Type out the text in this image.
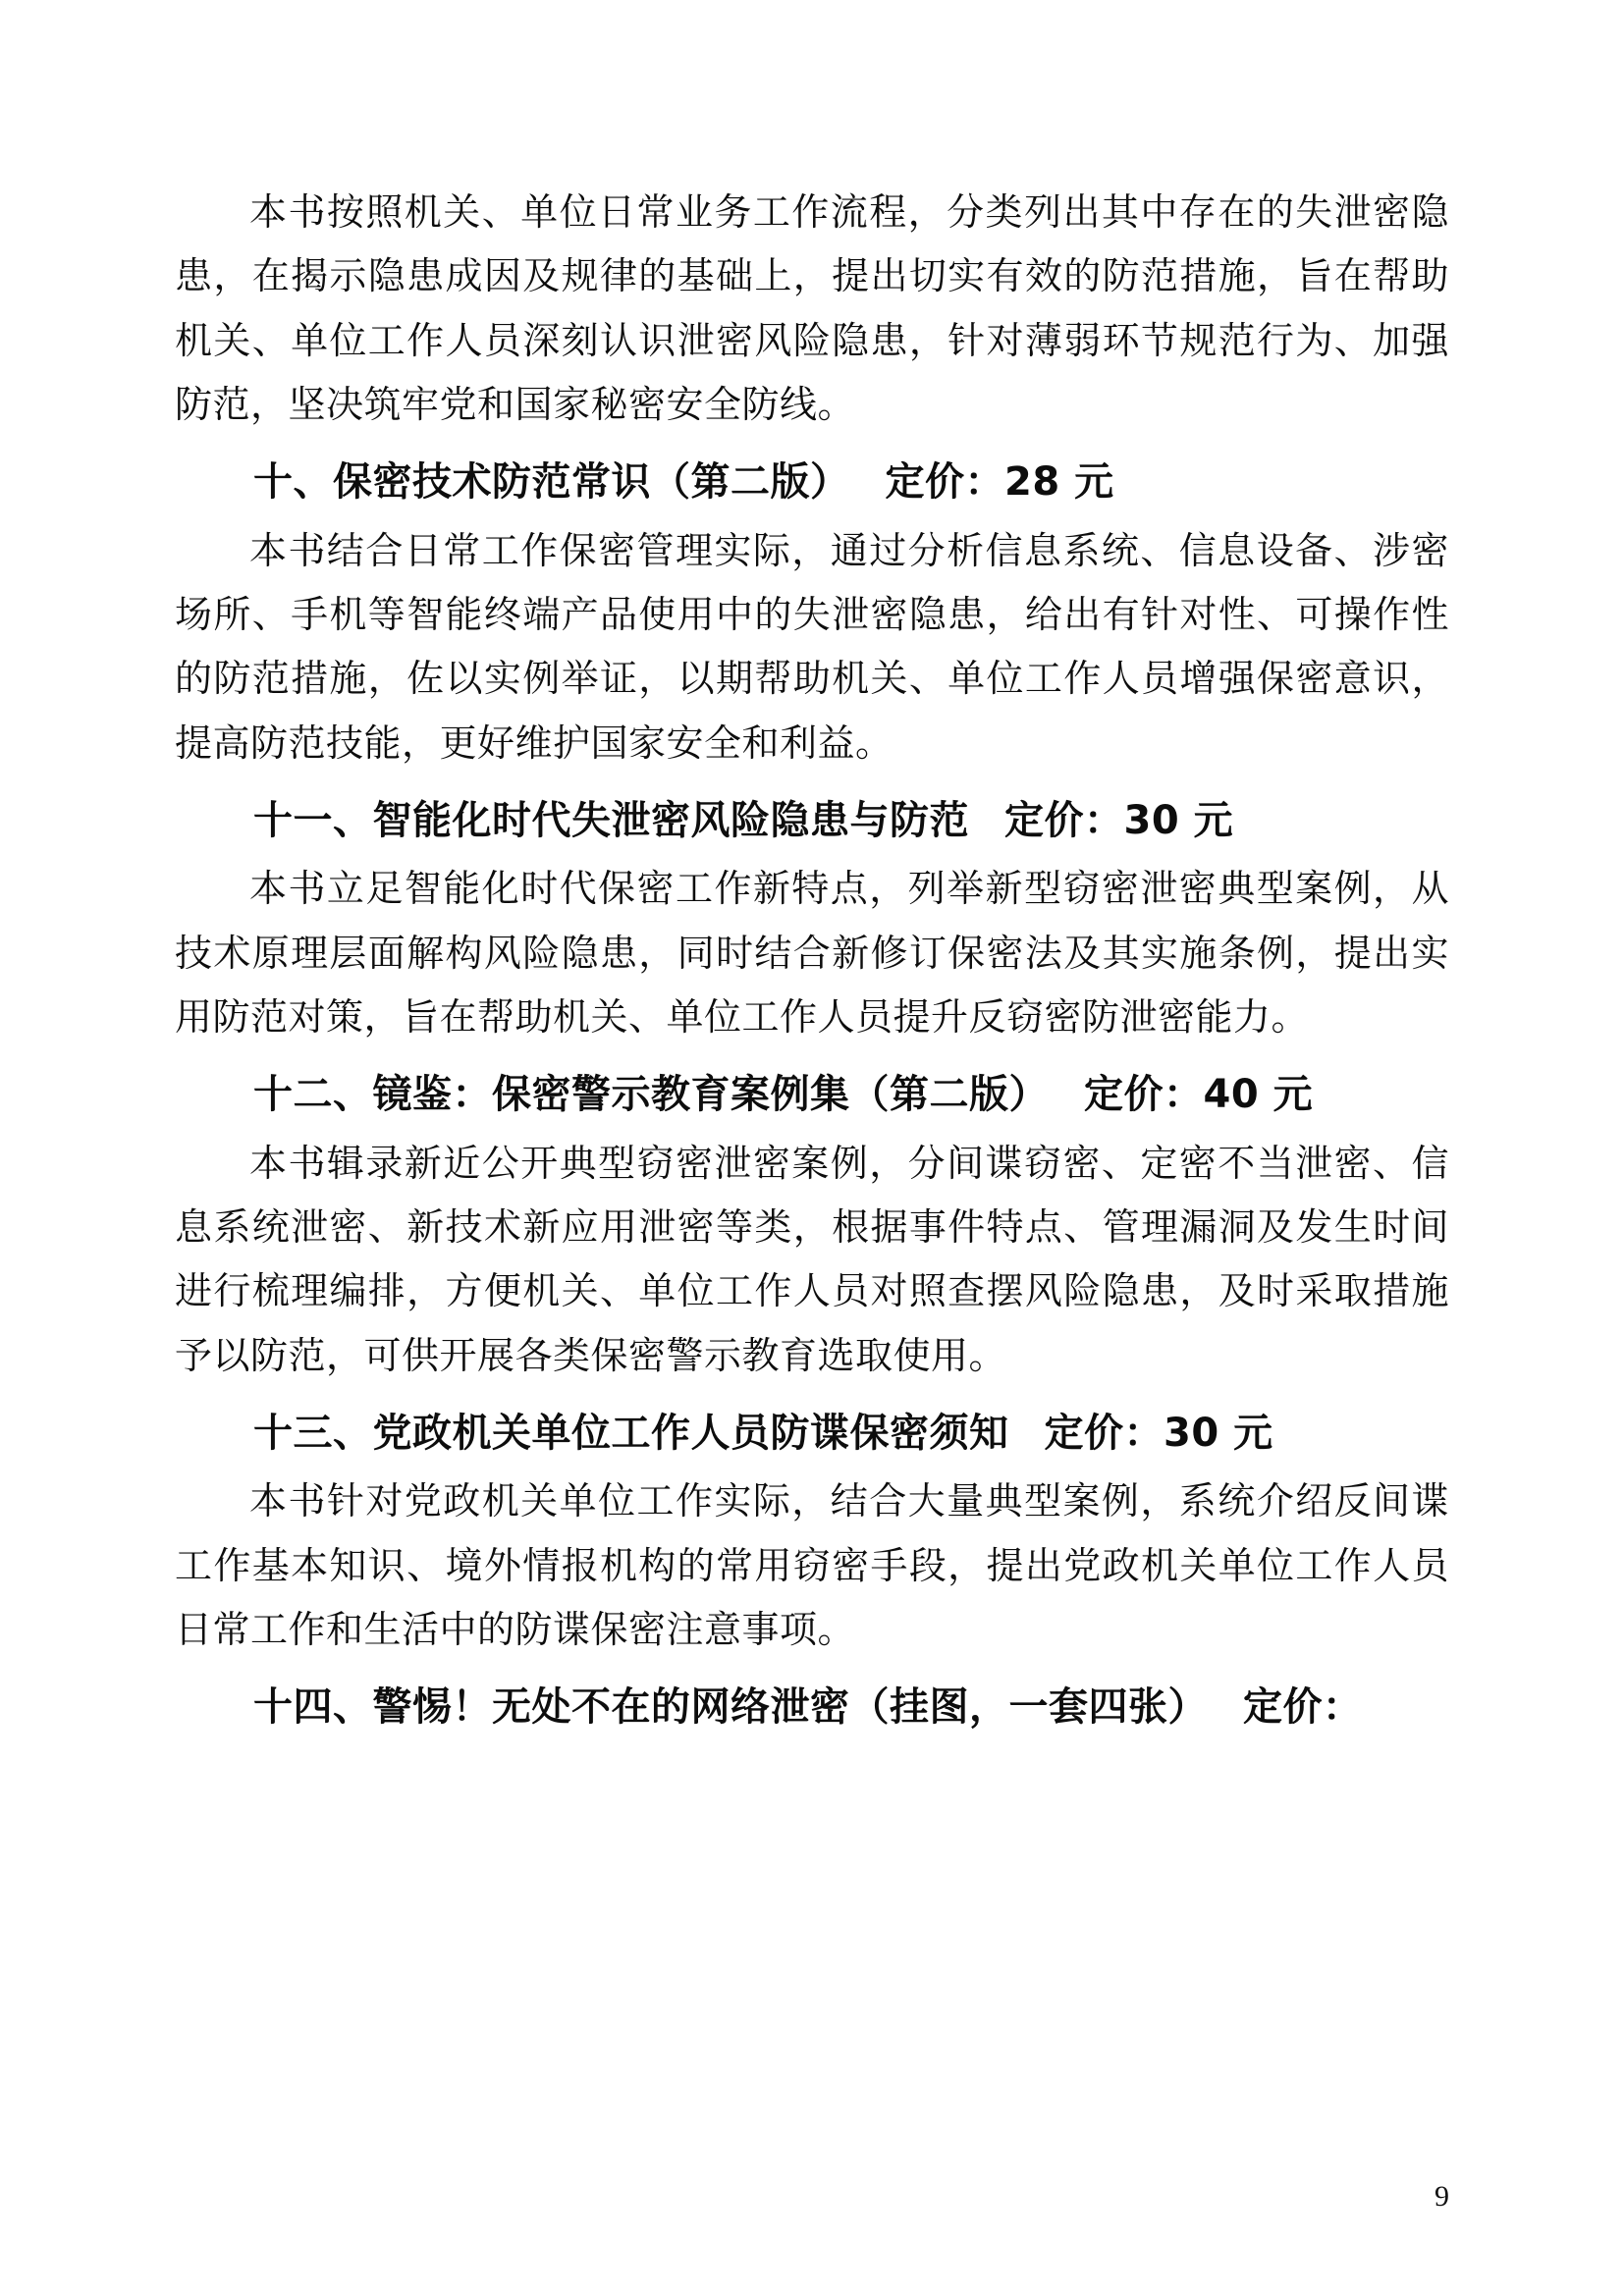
本书按照机关、单位日常业务工作流程，分类列出其中存在的失泄密隐患，在揭示隐患成因及规律的基础上，提出切实有效的防范措施，旨在帮助机关、单位工作人员深刻认识泄密风险隐患，针对薄弱环节规范行为、加强防范，坚决筑牢党和国家秘密安全防线。

十、保密技术防范常识（第二版） 定价：28 元

本书结合日常工作保密管理实际，通过分析信息系统、信息设备、涉密场所、手机等智能终端产品使用中的失泄密隐患，给出有针对性、可操作性的防范措施，佐以实例举证，以期帮助机关、单位工作人员增强保密意识，提高防范技能，更好维护国家安全和利益。

十一、智能化时代失泄密风险隐患与防范 定价：30 元

本书立足智能化时代保密工作新特点，列举新型窃密泄密典型案例，从技术原理层面解构风险隐患，同时结合新修订保密法及其实施条例，提出实用防范对策，旨在帮助机关、单位工作人员提升反窃密防泄密能力。

十二、镜鉴：保密警示教育案例集（第二版） 定价：40 元

本书辑录新近公开典型窃密泄密案例，分间谍窃密、定密不当泄密、信息系统泄密、新技术新应用泄密等类，根据事件特点、管理漏洞及发生时间进行梳理编排，方便机关、单位工作人员对照查摆风险隐患，及时采取措施予以防范，可供开展各类保密警示教育选取使用。

十三、党政机关单位工作人员防谍保密须知 定价：30 元

本书针对党政机关单位工作实际，结合大量典型案例，系统介绍反间谍工作基本知识、境外情报机构的常用窃密手段，提出党政机关单位工作人员日常工作和生活中的防谍保密注意事项。

十四、警惕！无处不在的网络泄密（挂图，一套四张） 定价：
9
